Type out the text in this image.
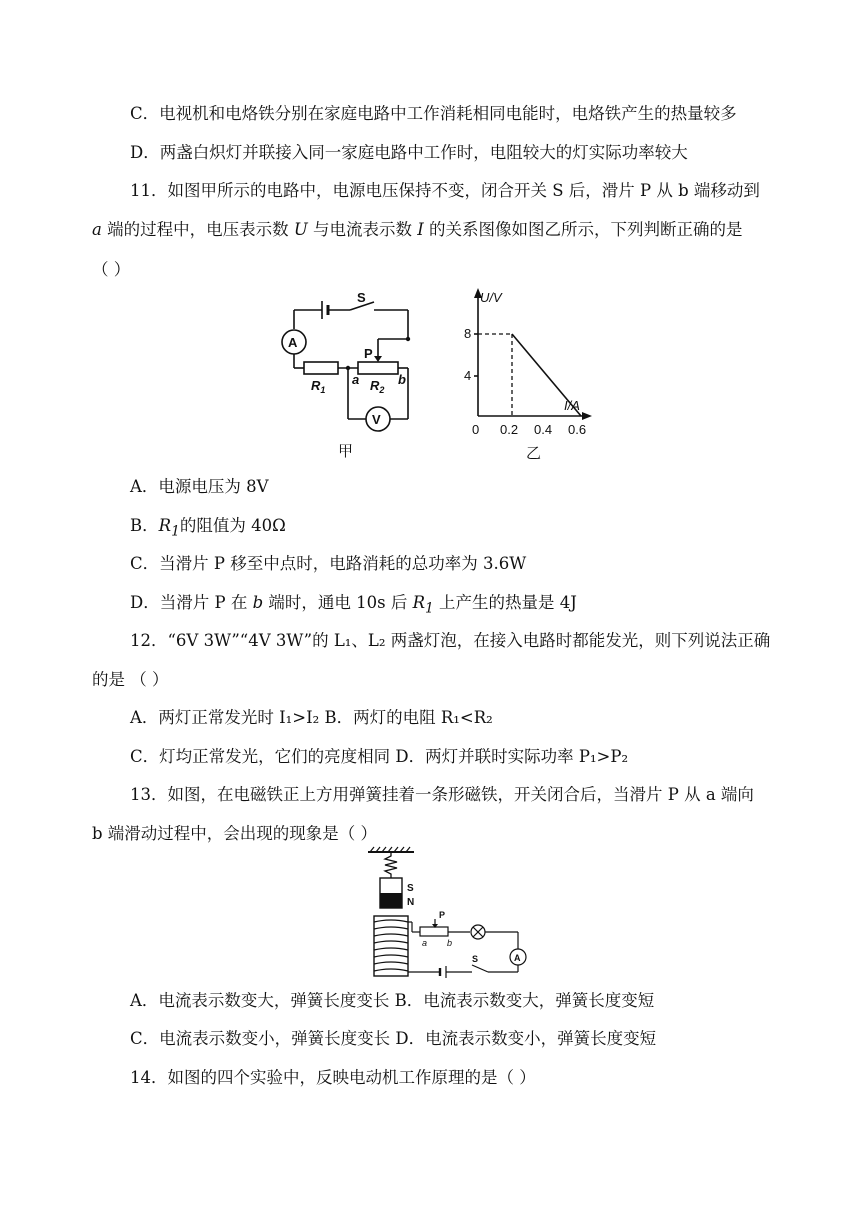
C．电视机和电烙铁分别在家庭电路中工作消耗相同电能时，电烙铁产生的热量较多
D．两盏白炽灯并联接入同一家庭电路中工作时，电阻较大的灯实际功率较大
11．如图甲所示的电路中，电源电压保持不变，闭合开关 S 后，滑片 P 从 b 端移动到
a 端的过程中，电压表示数 U 与电流表示数 I 的关系图像如图乙所示，下列判断正确的是
（ ）
S
A
V
P
$R_1$	$R_2$
a	b
甲
U/V
I/A
8
4
0 0.2 0.4 0.6
乙
A．电源电压为 8V
B．$R_1$的阻值为 40Ω
C．当滑片 P 移至中点时，电路消耗的总功率为 3.6W
D．当滑片 P 在 b 端时，通电 10s 后 $R_1$ 上产生的热量是 4J
12．“6V 3W”“4V 3W”的 L₁、L₂ 两盏灯泡，在接入电路时都能发光，则下列说法正确
的是 （ ）
A．两灯正常发光时 I₁>I₂ B．两灯的电阻 R₁<R₂
C．灯均正常发光，它们的亮度相同 D．两灯并联时实际功率 P₁>P₂
13．如图，在电磁铁正上方用弹簧挂着一条形磁铁，开关闭合后，当滑片 P 从 a 端向
b 端滑动过程中，会出现的现象是（ ）
S
N
P
a b
S	A
A．电流表示数变大，弹簧长度变长 B．电流表示数变大，弹簧长度变短
C．电流表示数变小，弹簧长度变长 D．电流表示数变小，弹簧长度变短
14．如图的四个实验中，反映电动机工作原理的是（ ）
